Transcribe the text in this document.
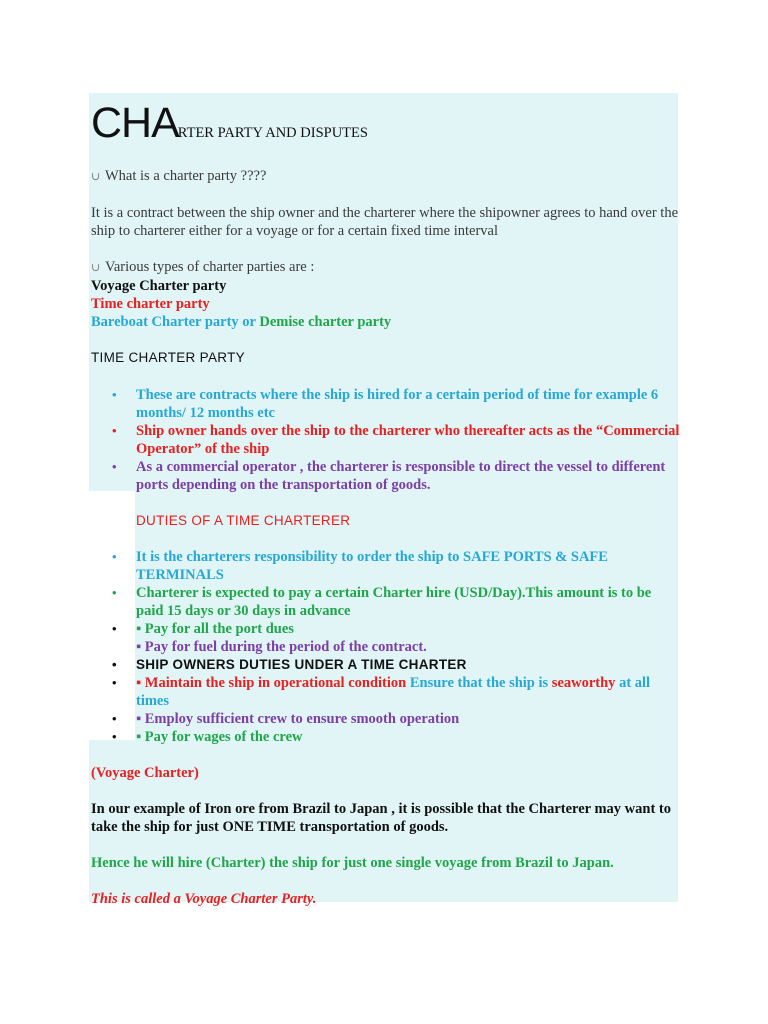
CHARTER PARTY AND DISPUTES

∪ What is a charter party ????

It is a contract between the ship owner and the charterer where the shipowner agrees to hand over the ship to charterer either for a voyage or for a certain fixed time interval

∪ Various types of charter parties are :

Voyage Charter party

Time charter party

Bareboat Charter party or Demise charter party

TIME CHARTER PARTY

• These are contracts where the ship is hired for a certain period of time for example 6 months/ 12 months etc
• Ship owner hands over the ship to the charterer who thereafter acts as the “Commercial Operator” of the ship
• As a commercial operator , the charterer is responsible to direct the vessel to different ports depending on the transportation of goods.

DUTIES OF A TIME CHARTERER

• It is the charterers responsibility to order the ship to SAFE PORTS & SAFE TERMINALS
• Charterer is expected to pay a certain Charter hire (USD/Day).This amount is to be paid 15 days or 30 days in advance
• ▪ Pay for all the port dues
▪ Pay for fuel during the period of the contract.
• SHIP OWNERS DUTIES UNDER A TIME CHARTER
• ▪ Maintain the ship in operational condition Ensure that the ship is seaworthy at all times
• ▪ Employ sufficient crew to ensure smooth operation
• ▪ Pay for wages of the crew

(Voyage Charter)

In our example of Iron ore from Brazil to Japan , it is possible that the Charterer may want to take the ship for just ONE TIME transportation of goods.

Hence he will hire (Charter) the ship for just one single voyage from Brazil to Japan.

This is called a Voyage Charter Party.
